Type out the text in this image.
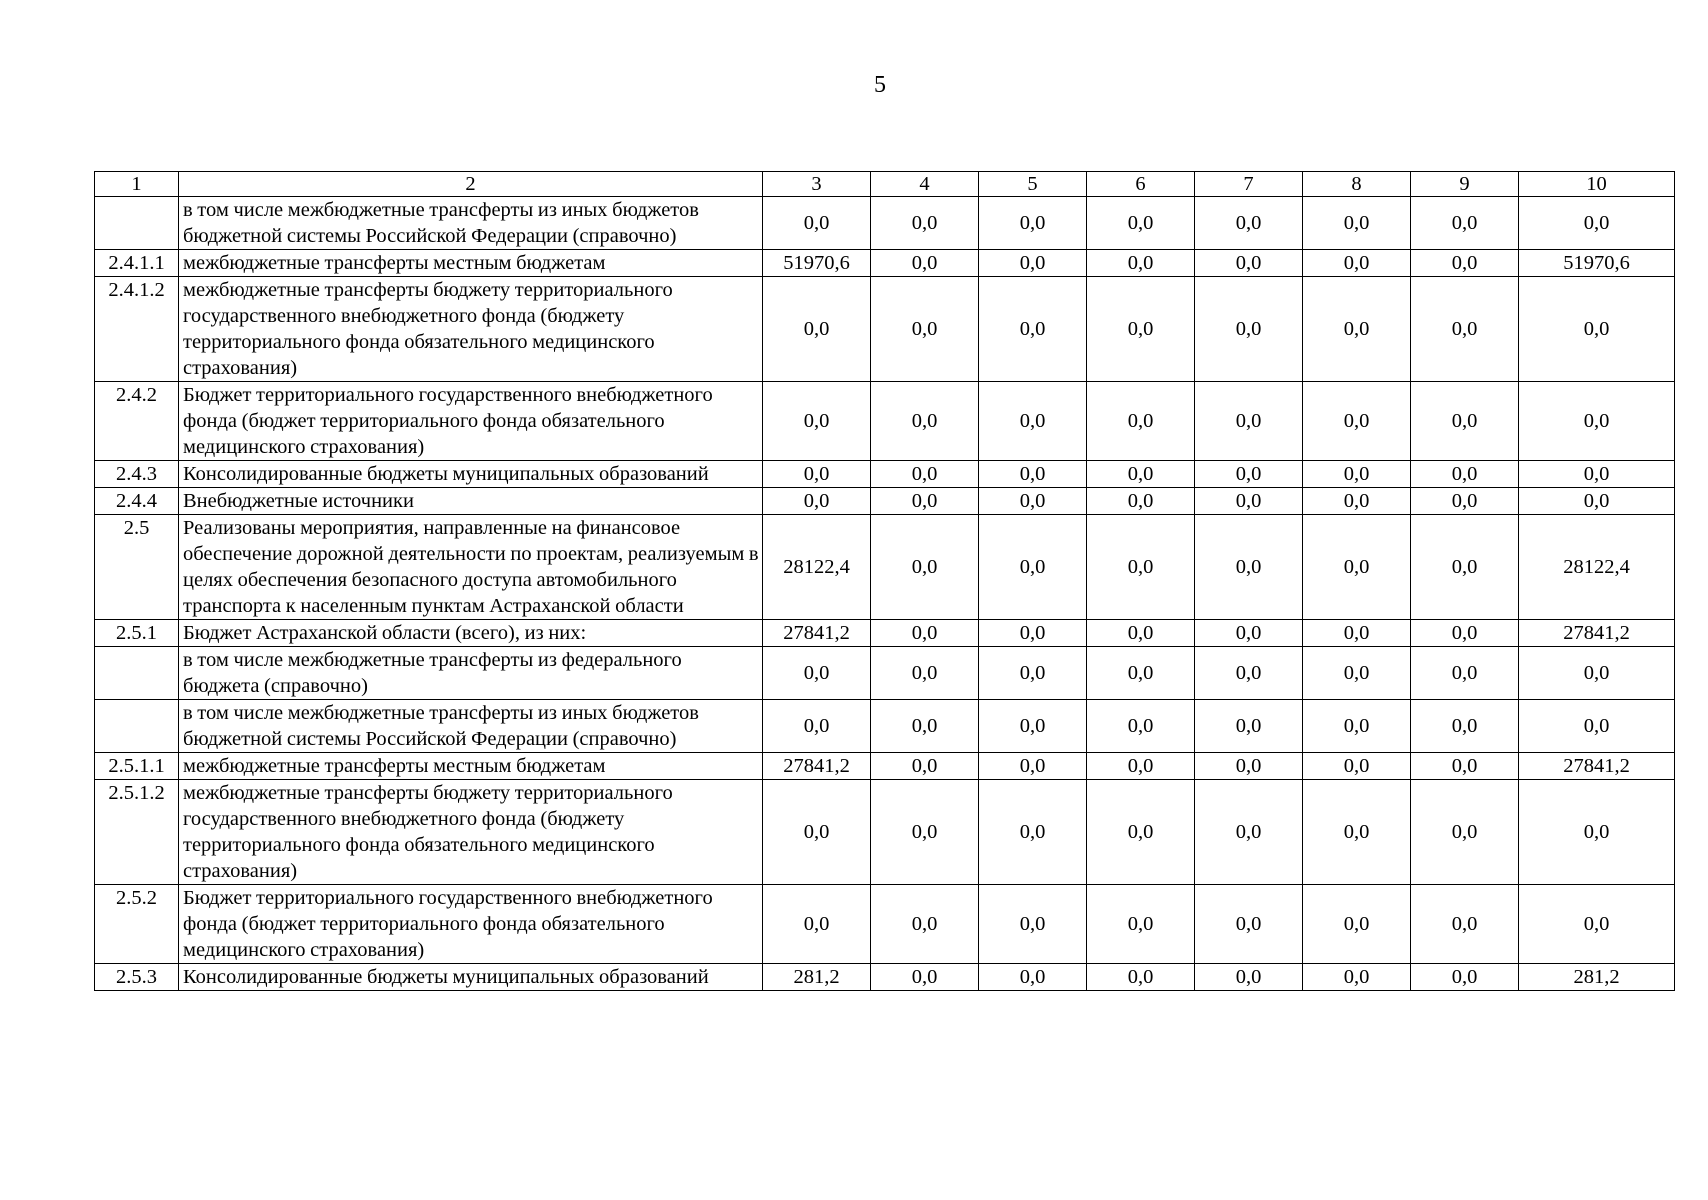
5
1	2	3	4	5	6	7	8	9	10
	в том числе межбюджетные трансферты из иных бюджетов бюджетной системы Российской Федерации (справочно)	0,0	0,0	0,0	0,0	0,0	0,0	0,0	0,0
2.4.1.1	межбюджетные трансферты местным бюджетам	51970,6	0,0	0,0	0,0	0,0	0,0	0,0	51970,6
2.4.1.2	межбюджетные трансферты бюджету территориального государственного внебюджетного фонда (бюджету территориального фонда обязательного медицинского страхования)	0,0	0,0	0,0	0,0	0,0	0,0	0,0	0,0
2.4.2	Бюджет территориального государственного внебюджетного фонда (бюджет территориального фонда обязательного медицинского страхования)	0,0	0,0	0,0	0,0	0,0	0,0	0,0	0,0
2.4.3	Консолидированные бюджеты муниципальных образований	0,0	0,0	0,0	0,0	0,0	0,0	0,0	0,0
2.4.4	Внебюджетные источники	0,0	0,0	0,0	0,0	0,0	0,0	0,0	0,0
2.5	Реализованы мероприятия, направленные на финансовое обеспечение дорожной деятельности по проектам, реализуемым в целях обеспечения безопасного доступа автомобильного транспорта к населенным пунктам Астраханской области	28122,4	0,0	0,0	0,0	0,0	0,0	0,0	28122,4
2.5.1	Бюджет Астраханской области (всего), из них:	27841,2	0,0	0,0	0,0	0,0	0,0	0,0	27841,2
	в том числе межбюджетные трансферты из федерального бюджета (справочно)	0,0	0,0	0,0	0,0	0,0	0,0	0,0	0,0
	в том числе межбюджетные трансферты из иных бюджетов бюджетной системы Российской Федерации (справочно)	0,0	0,0	0,0	0,0	0,0	0,0	0,0	0,0
2.5.1.1	межбюджетные трансферты местным бюджетам	27841,2	0,0	0,0	0,0	0,0	0,0	0,0	27841,2
2.5.1.2	межбюджетные трансферты бюджету территориального государственного внебюджетного фонда (бюджету территориального фонда обязательного медицинского страхования)	0,0	0,0	0,0	0,0	0,0	0,0	0,0	0,0
2.5.2	Бюджет территориального государственного внебюджетного фонда (бюджет территориального фонда обязательного медицинского страхования)	0,0	0,0	0,0	0,0	0,0	0,0	0,0	0,0
2.5.3	Консолидированные бюджеты муниципальных образований	281,2	0,0	0,0	0,0	0,0	0,0	0,0	281,2
